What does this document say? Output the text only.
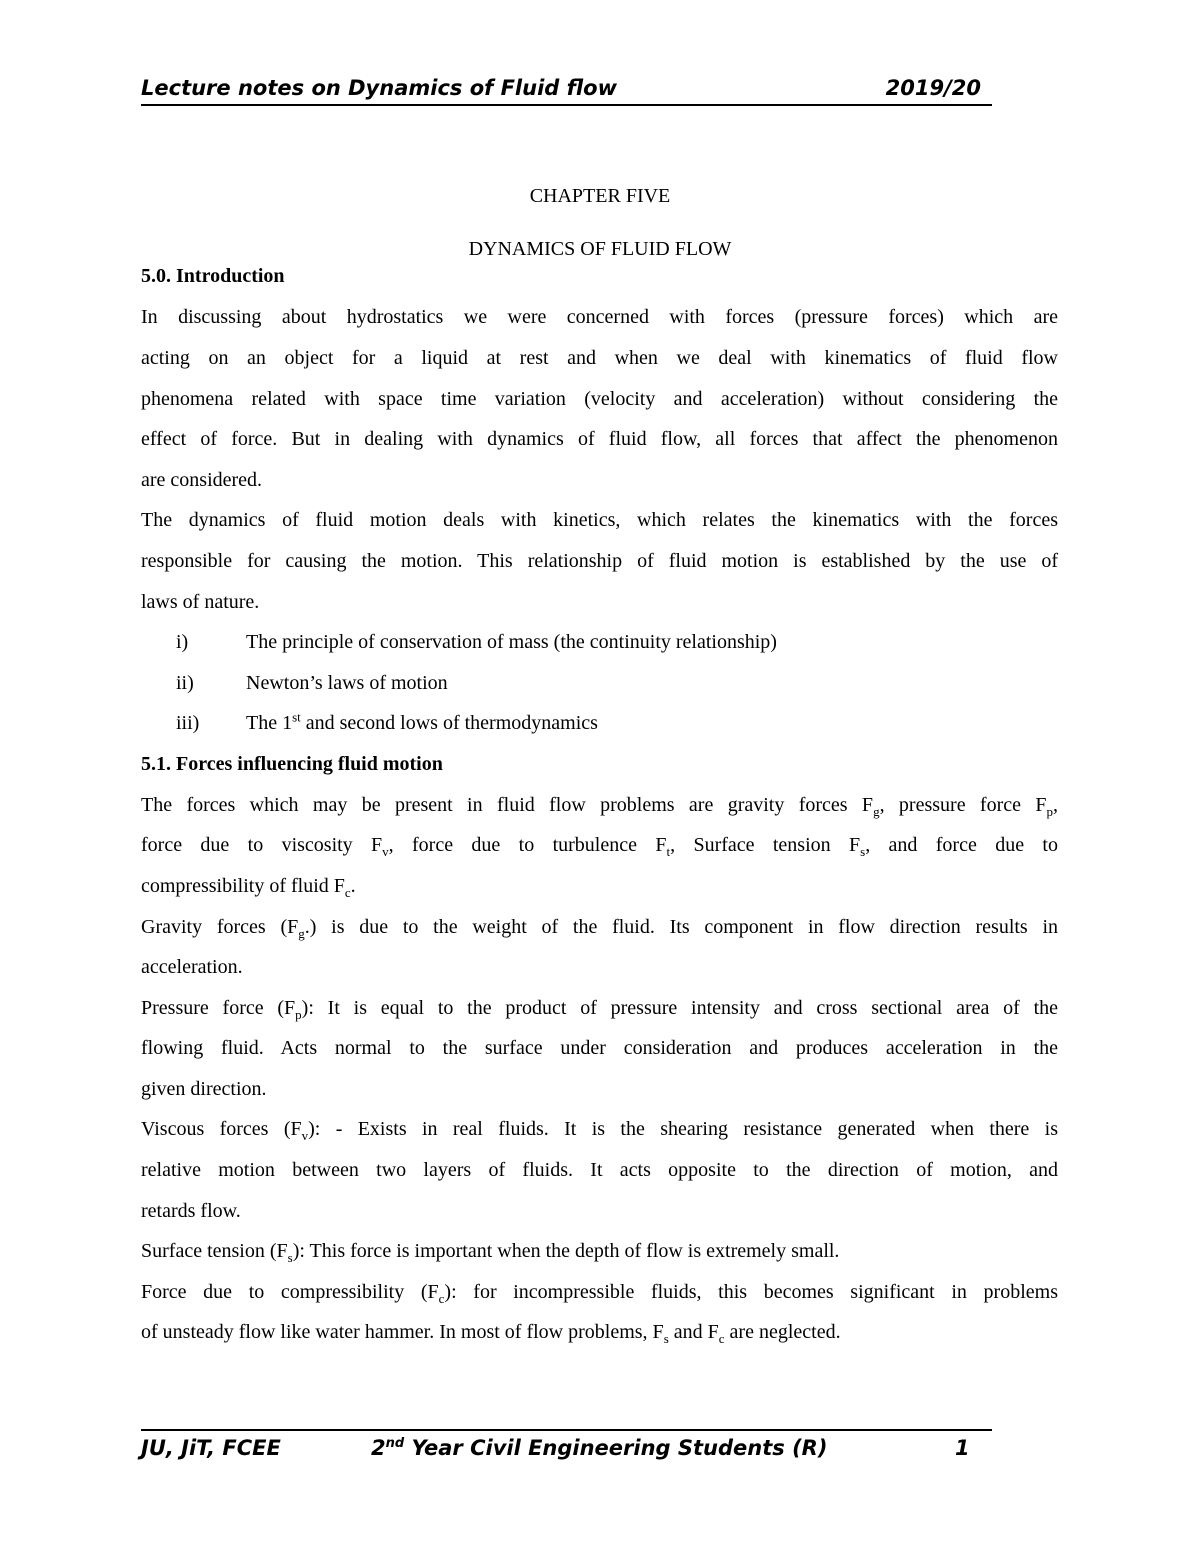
Lecture notes on Dynamics of Fluid flow	2019/20
CHAPTER FIVE
DYNAMICS OF FLUID FLOW
5.0. Introduction
In discussing about hydrostatics we were concerned with forces (pressure forces) which are
acting on an object for a liquid at rest and when we deal with kinematics of fluid flow
phenomena related with space time variation (velocity and acceleration) without considering the
effect of force. But in dealing with dynamics of fluid flow, all forces that affect the phenomenon
are considered.
The dynamics of fluid motion deals with kinetics, which relates the kinematics with the forces
responsible for causing the motion. This relationship of fluid motion is established by the use of
laws of nature.
i)	The principle of conservation of mass (the continuity relationship)
ii)	Newton’s laws of motion
iii) The 1st and second lows of thermodynamics
5.1. Forces influencing fluid motion
The forces which may be present in fluid flow problems are gravity forces $F_g$, pressure force $F_p$,
force due to viscosity $F_v$, force due to turbulence $F_t$, Surface tension $F_s$, and force due to
compressibility of fluid $F_c$.
Gravity forces $(F_g.)$ is due to the weight of the fluid. Its component in flow direction results in
acceleration.
Pressure force $(F_p)$: It is equal to the product of pressure intensity and cross sectional area of the
flowing fluid. Acts normal to the surface under consideration and produces acceleration in the
given direction.
Viscous forces $(F_v)$: - Exists in real fluids. It is the shearing resistance generated when there is
relative motion between two layers of fluids. It acts opposite to the direction of motion, and
retards flow.
Surface tension $(F_s)$: This force is important when the depth of flow is extremely small.
Force due to compressibility $(F_c)$: for incompressible fluids, this becomes significant in problems
of unsteady flow like water hammer. In most of flow problems, $F_s$ and $F_c$ are neglected.
JU, JiT, FCEE	2nd Year Civil Engineering Students (R)	1
